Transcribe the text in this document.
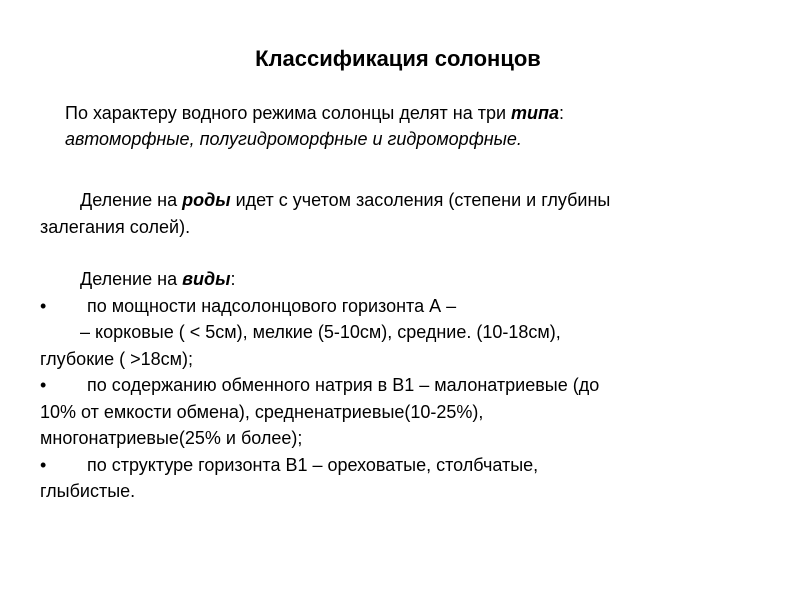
Классификация солонцов
По характеру водного режима солонцы делят на три типа:
автоморфные, полугидроморфные и гидроморфные.
Деление на роды идет с учетом засоления (степени и глубины
залегания солей).
Деление на виды:
•	по мощности надсолонцового горизонта А –
– корковые ( < 5см), мелкие (5-10см), средние. (10-18см),
глубокие ( >18см);
•	по содержанию обменного натрия в В1 – малонатриевые (до
10% от емкости обмена), средненатриевые(10-25%),
многонатриевые(25% и более);
•	по структуре горизонта В1 – ореховатые, столбчатые,
глыбистые.
